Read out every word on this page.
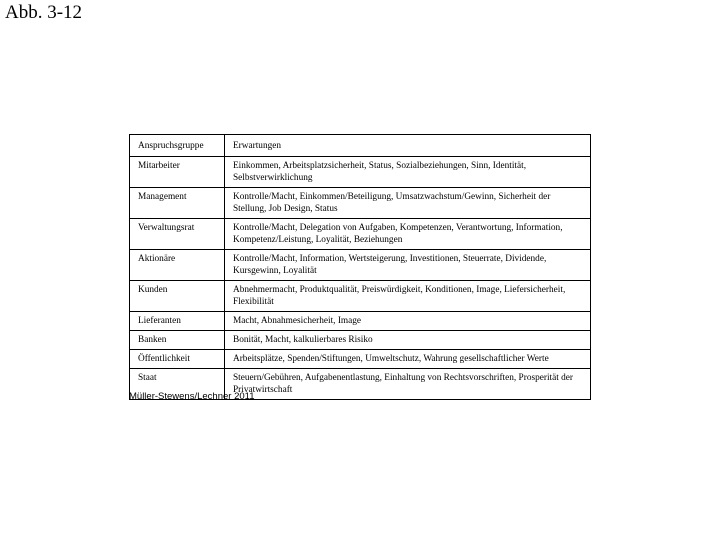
Abb. 3-12
Anspruchsgruppe	Erwartungen
Mitarbeiter	Einkommen, Arbeitsplatzsicherheit, Status, Sozialbeziehungen, Sinn, Identität, Selbstverwirklichung
Management	Kontrolle/Macht, Einkommen/Beteiligung, Umsatzwachstum/Gewinn, Sicherheit der Stellung, Job Design, Status
Verwaltungsrat	Kontrolle/Macht, Delegation von Aufgaben, Kompetenzen, Verantwortung, Information, Kompetenz/Leistung, Loyalität, Beziehungen
Aktionäre	Kontrolle/Macht, Information, Wertsteigerung, Investitionen, Steuerrate, Dividende, Kursgewinn, Loyalität
Kunden	Abnehmermacht, Produktqualität, Preiswürdigkeit, Konditionen, Image, Liefersicherheit, Flexibilität
Lieferanten	Macht, Abnahmesicherheit, Image
Banken	Bonität, Macht, kalkulierbares Risiko
Öffentlichkeit	Arbeitsplätze, Spenden/Stiftungen, Umweltschutz, Wahrung gesellschaftlicher Werte
Staat	Steuern/Gebühren, Aufgabenentlastung, Einhaltung von Rechtsvorschriften, Prosperität der Privatwirtschaft
Müller-Stewens/Lechner 2011
